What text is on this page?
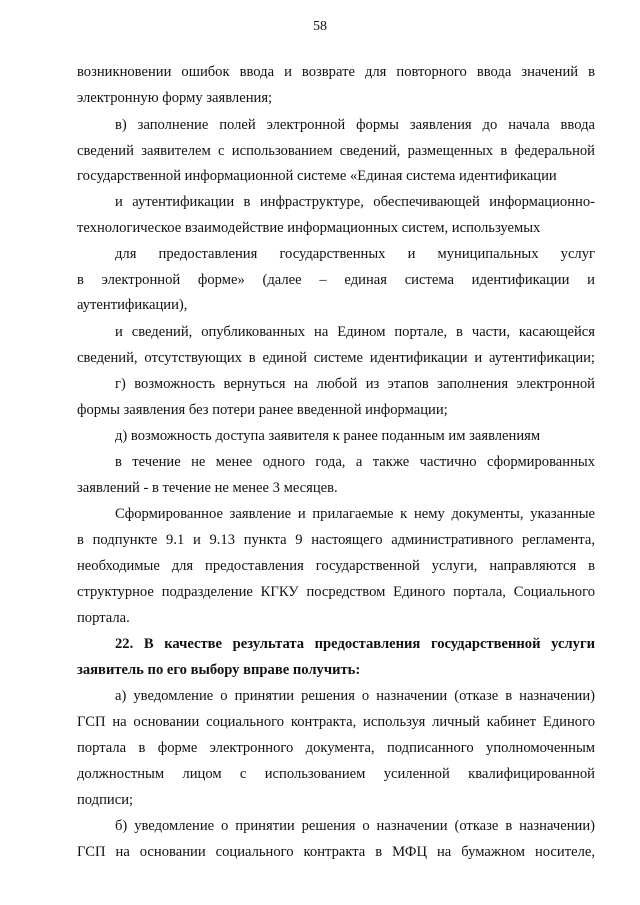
58
возникновении ошибок ввода и возврате для повторного ввода значений в
электронную форму заявления;
в) заполнение полей электронной формы заявления до начала ввода
сведений заявителем с использованием сведений, размещенных в федеральной
государственной информационной системе «Единая система идентификации
и аутентификации в инфраструктуре, обеспечивающей информационно-
технологическое взаимодействие информационных систем, используемых
для предоставления государственных и муниципальных услуг
в электронной форме» (далее – единая система идентификации и
аутентификации),
и сведений, опубликованных на Едином портале, в части, касающейся
сведений, отсутствующих в единой системе идентификации и аутентификации;
г) возможность вернуться на любой из этапов заполнения электронной
формы заявления без потери ранее введенной информации;
д) возможность доступа заявителя к ранее поданным им заявлениям
в течение не менее одного года, а также частично сформированных
заявлений - в течение не менее 3 месяцев.
Сформированное заявление и прилагаемые к нему документы, указанные
в подпункте 9.1 и 9.13 пункта 9 настоящего административного регламента,
необходимые для предоставления государственной услуги, направляются в
структурное подразделение КГКУ посредством Единого портала, Социального
портала.
22. В качестве результата предоставления государственной услуги
заявитель по его выбору вправе получить:
а) уведомление о принятии решения о назначении (отказе в назначении)
ГСП на основании социального контракта, используя личный кабинет Единого
портала в форме электронного документа, подписанного уполномоченным
должностным лицом с использованием усиленной квалифицированной
подписи;
б) уведомление о принятии решения о назначении (отказе в назначении)
ГСП на основании социального контракта в МФЦ на бумажном носителе,
